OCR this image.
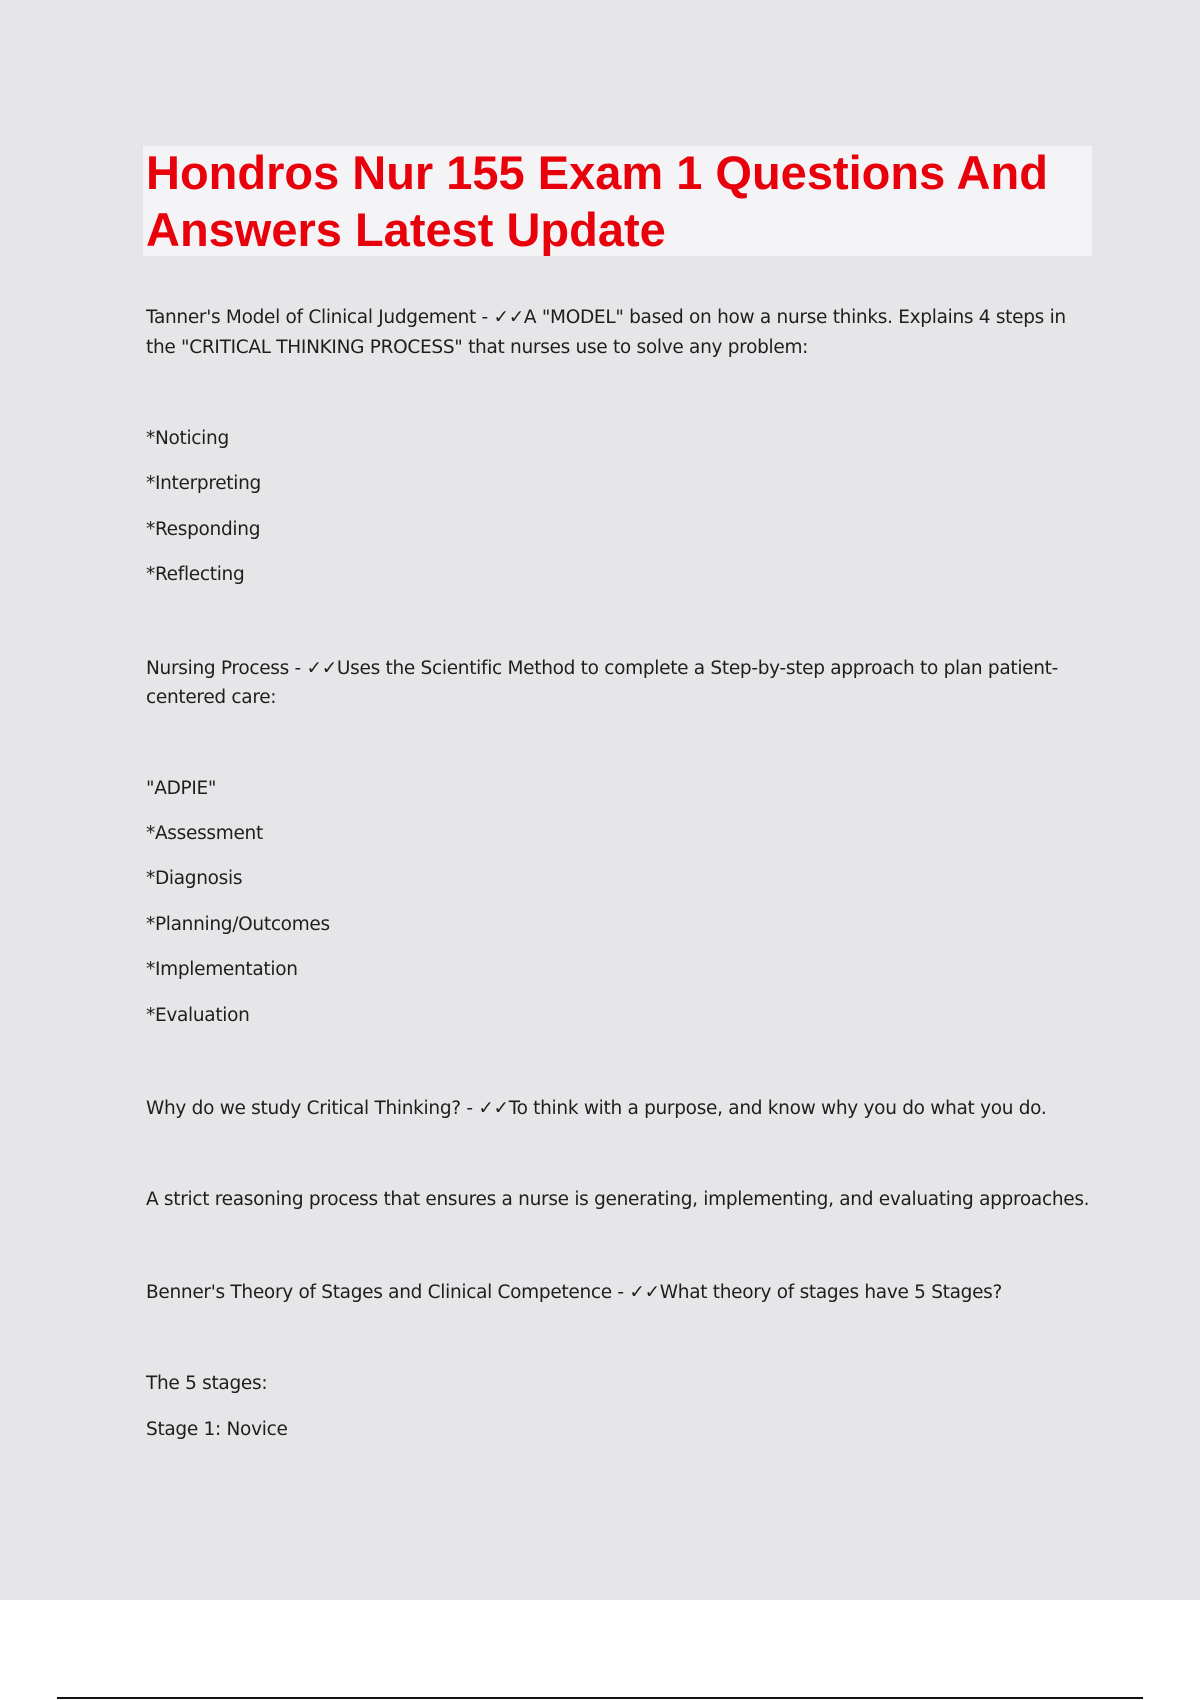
Hondros Nur 155 Exam 1 Questions And
Answers Latest Update
Tanner's Model of Clinical Judgement - ✓✓A "MODEL" based on how a nurse thinks. Explains 4 steps in
the "CRITICAL THINKING PROCESS" that nurses use to solve any problem:
*Noticing
*Interpreting
*Responding
*Reflecting
Nursing Process - ✓✓Uses the Scientific Method to complete a Step-by-step approach to plan patient-
centered care:
"ADPIE"
*Assessment
*Diagnosis
*Planning/Outcomes
*Implementation
*Evaluation
Why do we study Critical Thinking? - ✓✓To think with a purpose, and know why you do what you do.
A strict reasoning process that ensures a nurse is generating, implementing, and evaluating approaches.
Benner's Theory of Stages and Clinical Competence - ✓✓What theory of stages have 5 Stages?
The 5 stages:
Stage 1: Novice
